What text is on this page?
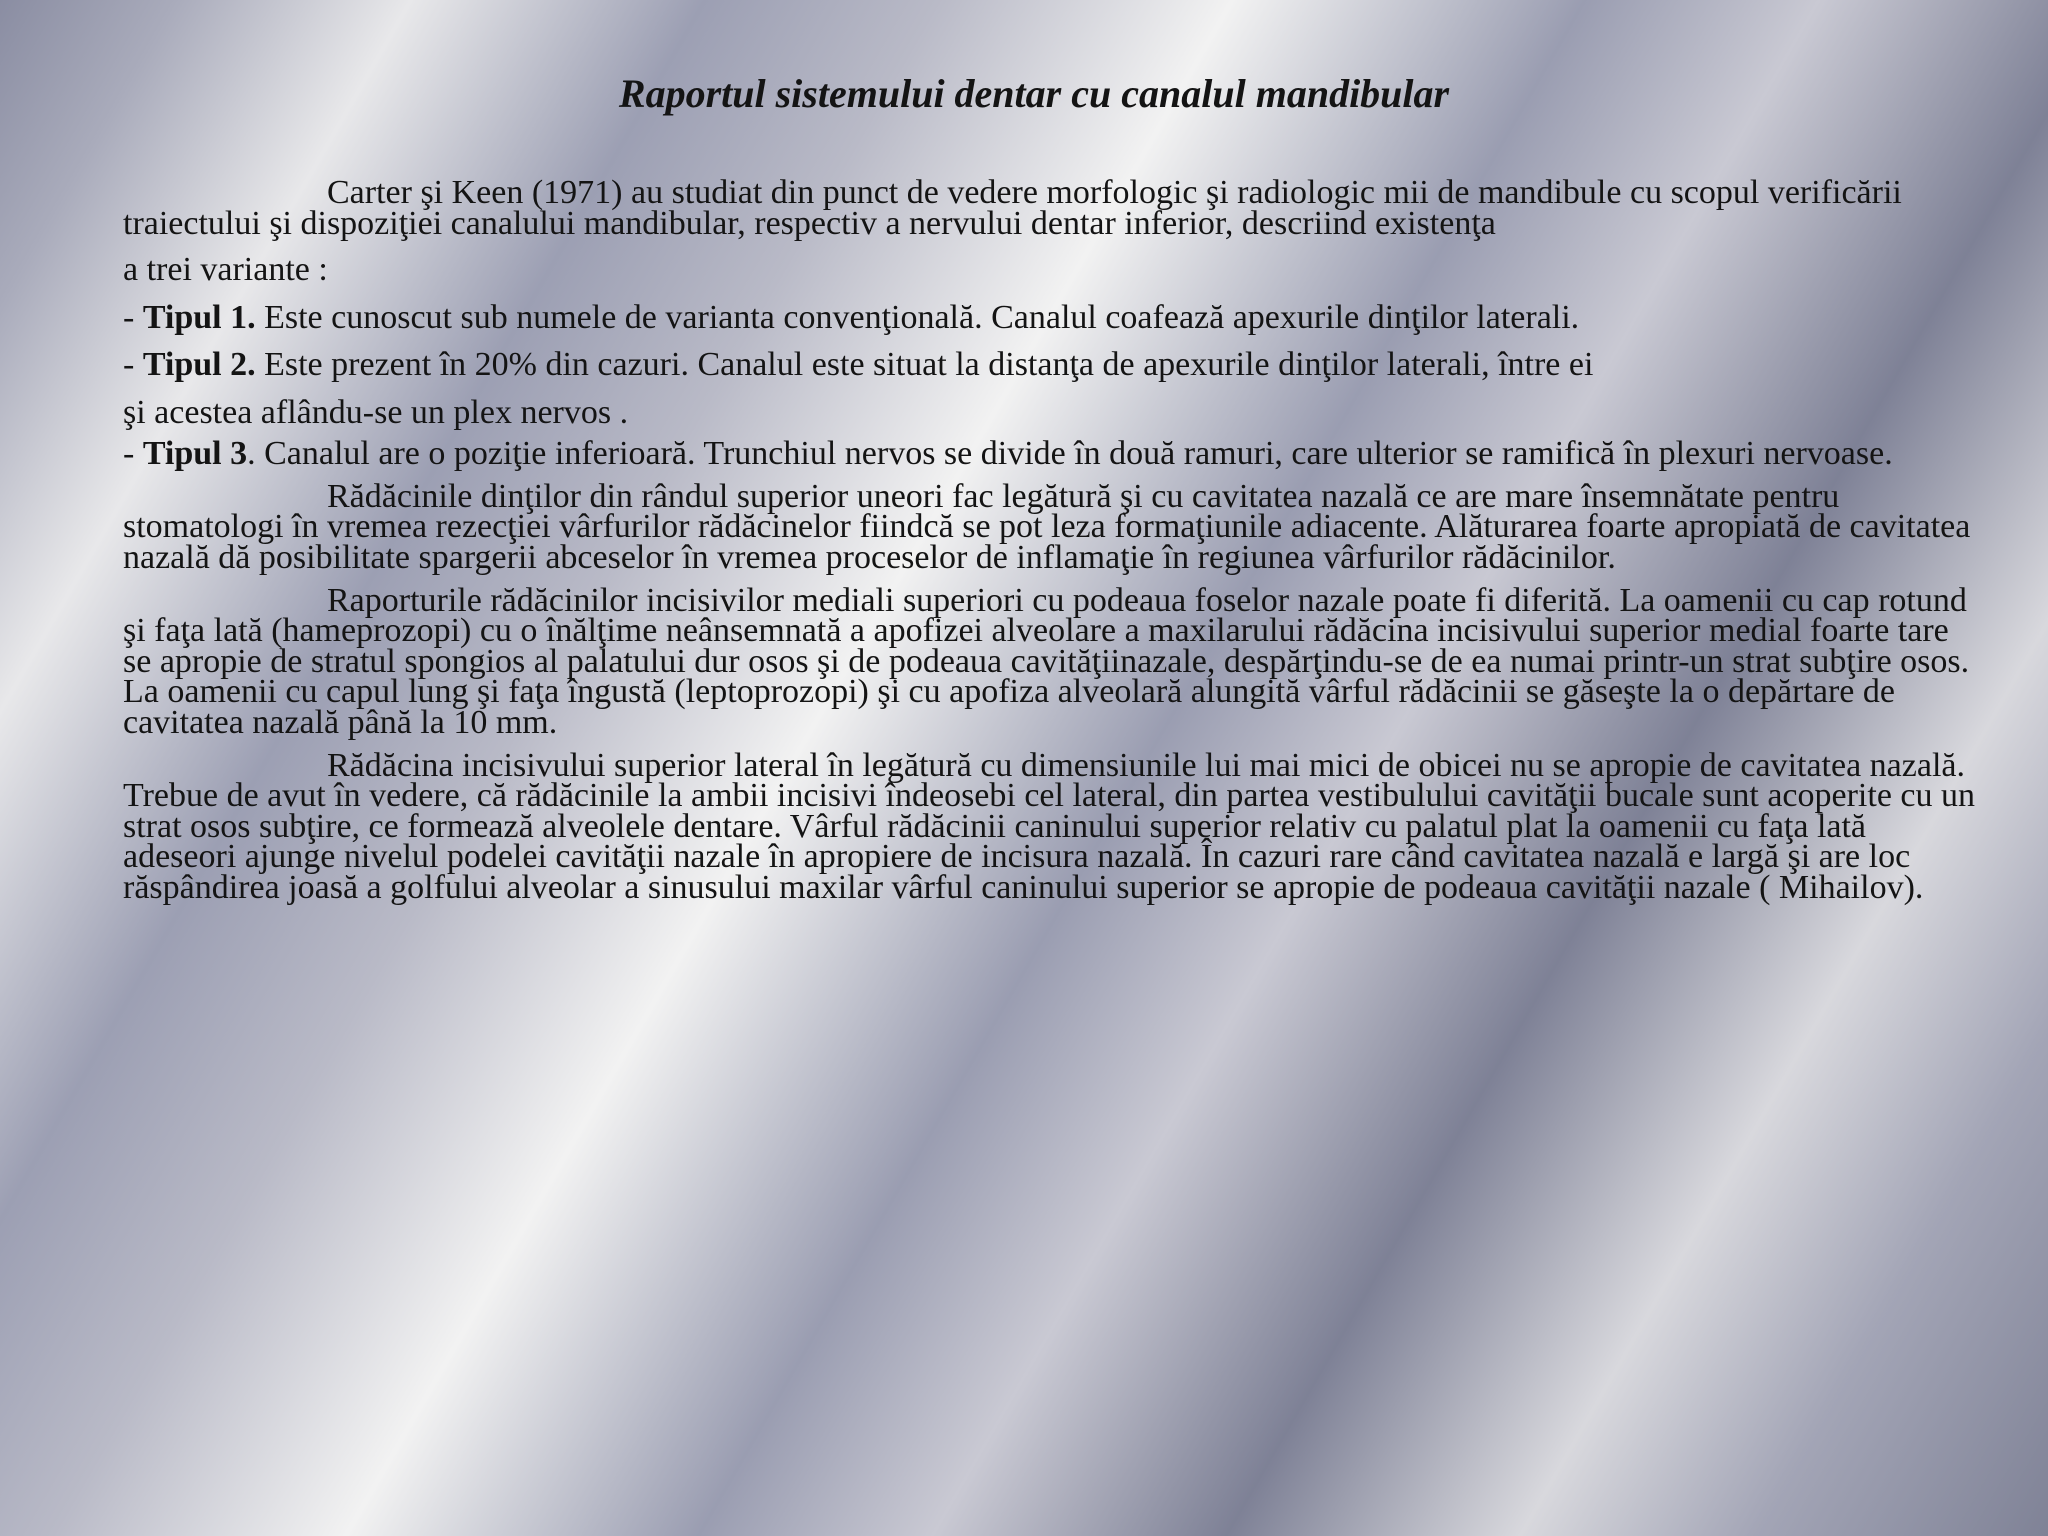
Raportul sistemului dentar cu canalul mandibular

Carter şi Keen (1971) au studiat din punct de vedere morfologic şi radiologic mii de mandibule cu scopul verificării traiectului şi dispoziţiei canalului mandibular, respectiv a nervului dentar inferior, descriind existenţa

a trei variante :

- Tipul 1. Este cunoscut sub numele de varianta convenţională. Canalul coafează apexurile dinţilor laterali.

- Tipul 2. Este prezent în 20% din cazuri. Canalul este situat la distanţa de apexurile dinţilor laterali, între ei

şi acestea aflându-se un plex nervos .

- Tipul 3. Canalul are o poziţie inferioară. Trunchiul nervos se divide în două ramuri, care ulterior se ramifică în plexuri nervoase.

Rădăcinile dinţilor din rândul superior uneori fac legătură şi cu cavitatea nazală ce are mare însemnătate pentru stomatologi în vremea rezecţiei vârfurilor rădăcinelor fiindcă se pot leza formaţiunile adiacente. Alăturarea foarte apropiată de cavitatea nazală dă posibilitate spargerii abceselor în vremea proceselor de inflamaţie în regiunea vârfurilor rădăcinilor.

Raporturile rădăcinilor incisivilor mediali superiori cu podeaua foselor nazale poate fi diferită. La oamenii cu cap rotund şi faţa lată (hameprozopi) cu o înălţime neânsemnată a apofizei alveolare a maxilarului rădăcina incisivului superior medial foarte tare se apropie de stratul spongios al palatului dur osos şi de podeaua cavităţiinazale, despărţindu-se de ea numai printr-un strat subţire osos. La oamenii cu capul lung şi faţa îngustă (leptoprozopi) şi cu apofiza alveolară alungită vârful rădăcinii se găseşte la o depărtare de cavitatea nazală până la 10 mm.

Rădăcina incisivului superior lateral în legătură cu dimensiunile lui mai mici de obicei nu se apropie de cavitatea nazală. Trebue de avut în vedere, că rădăcinile la ambii incisivi îndeosebi cel lateral, din partea vestibulului cavităţii bucale sunt acoperite cu un strat osos subţire, ce formează alveolele dentare. Vârful rădăcinii caninului superior relativ cu palatul plat la oamenii cu faţa lată adeseori ajunge nivelul podelei cavităţii nazale în apropiere de incisura nazală. În cazuri rare când cavitatea nazală e largă şi are loc răspândirea joasă a golfului alveolar a sinusului maxilar vârful caninului superior se apropie de podeaua cavităţii nazale ( Mihailov).
